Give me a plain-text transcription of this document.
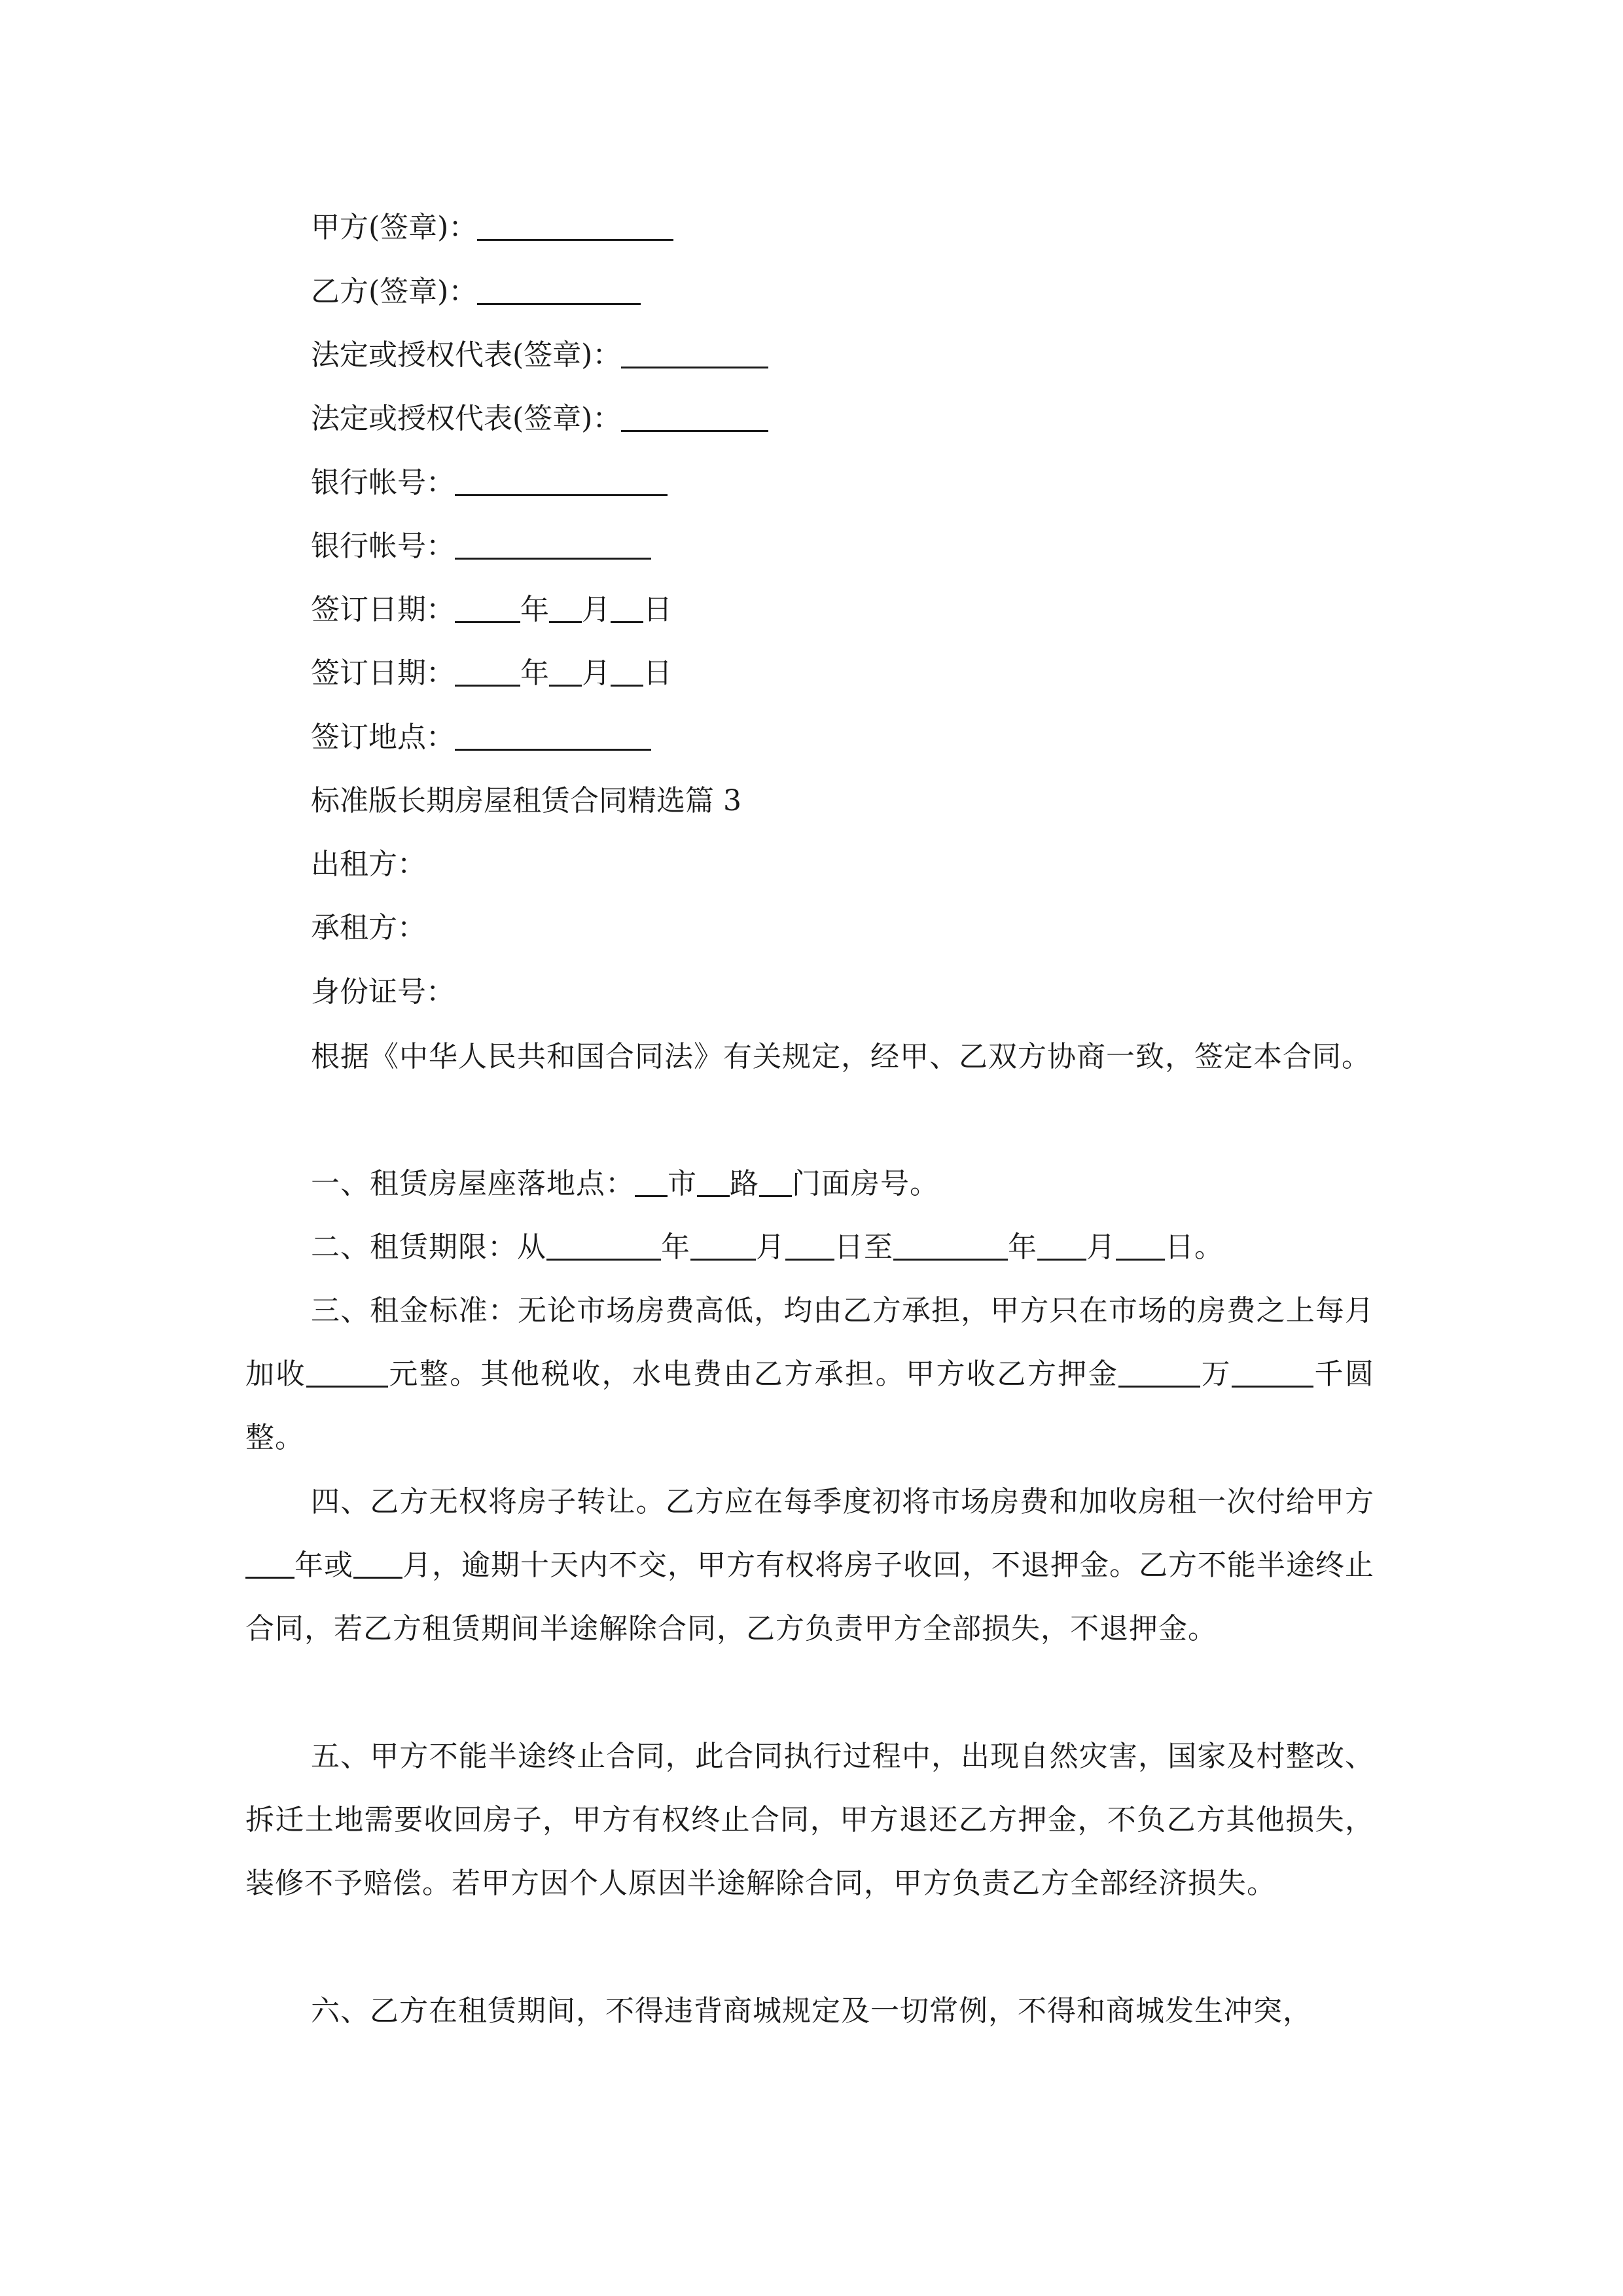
甲方(签章)：
乙方(签章)：
法定或授权代表(签章)：
法定或授权代表(签章)：
银行帐号：
银行帐号：
签订日期： 年 月 日
签订日期： 年 月 日
签订地点：
标准版长期房屋租赁合同精选篇 3
出租方：
承租方：
身份证号：
根据《中华人民共和国合同法》有关规定，经甲、乙双方协商一致，签定本合同。
一、租赁房屋座落地点： 市 路 门面房号。
二、租赁期限：从	年 月 日至	年 月 日。
三、租金标准：无论市场房费高低，均由乙方承担，甲方只在市场的房费之上每月加收	元整。其他税收，水电费由乙方承担。甲方收乙方押金	万	千圆整。
四、乙方无权将房子转让。乙方应在每季度初将市场房费和加收房租一次付给甲方年或 月，逾期十天内不交，甲方有权将房子收回，不退押金。乙方不能半途终止合同，若乙方租赁期间半途解除合同，乙方负责甲方全部损失，不退押金。
五、甲方不能半途终止合同，此合同执行过程中，出现自然灾害，国家及村整改、拆迁土地需要收回房子，甲方有权终止合同，甲方退还乙方押金，不负乙方其他损失，装修不予赔偿。若甲方因个人原因半途解除合同，甲方负责乙方全部经济损失。
六、乙方在租赁期间，不得违背商城规定及一切常例，不得和商城发生冲突，
